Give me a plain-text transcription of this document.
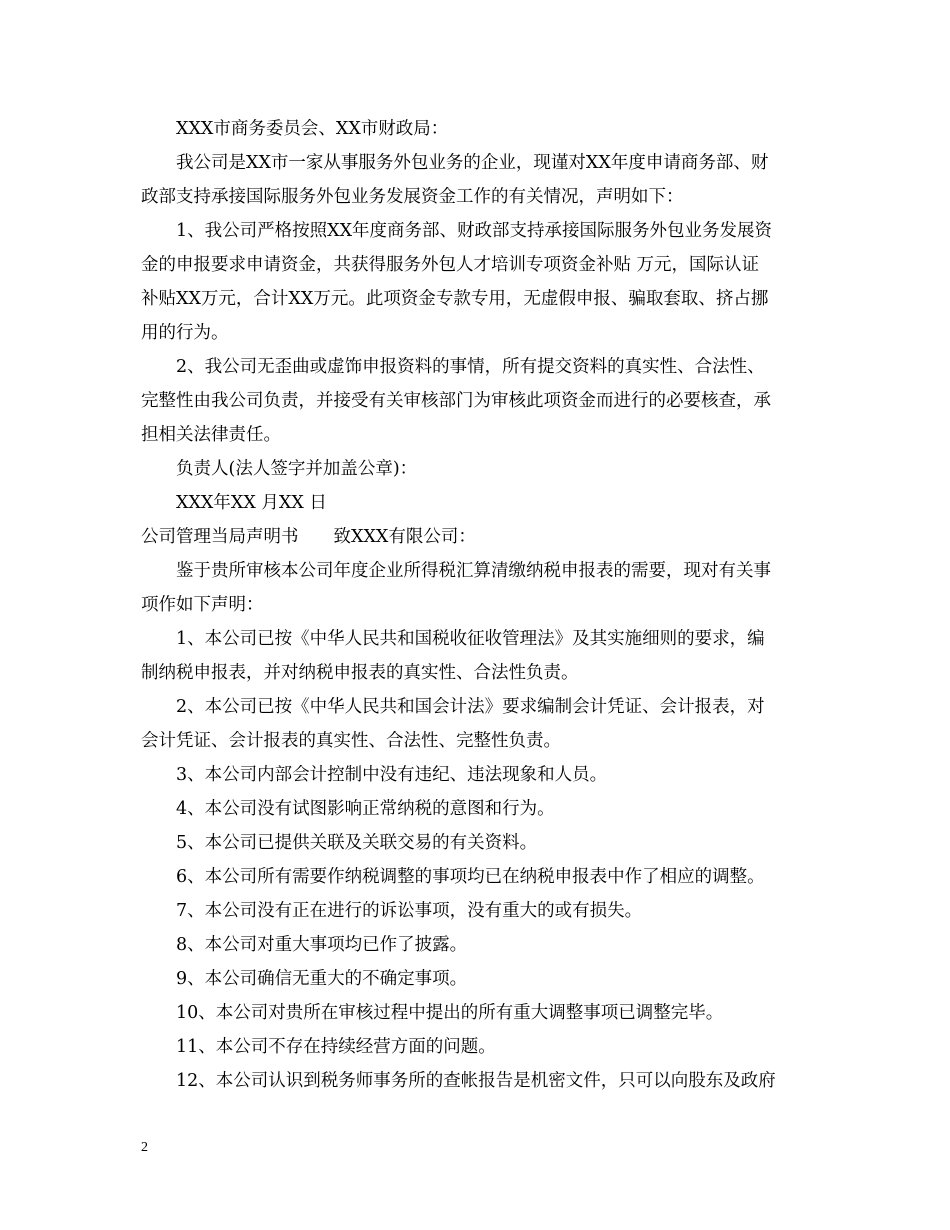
XXX市商务委员会、XX市财政局：

我公司是XX市一家从事服务外包业务的企业，现谨对XX年度申请商务部、财

政部支持承接国际服务外包业务发展资金工作的有关情况，声明如下：

1、我公司严格按照XX年度商务部、财政部支持承接国际服务外包业务发展资

金的申报要求申请资金，共获得服务外包人才培训专项资金补贴 万元，国际认证

补贴XX万元，合计XX万元。此项资金专款专用，无虚假申报、骗取套取、挤占挪

用的行为。

2、我公司无歪曲或虚饰申报资料的事情，所有提交资料的真实性、合法性、

完整性由我公司负责，并接受有关审核部门为审核此项资金而进行的必要核查，承

担相关法律责任。

负责人(法人签字并加盖公章)：

XXX年XX 月XX 日

公司管理当局声明书　　致XXX有限公司：

鉴于贵所审核本公司年度企业所得税汇算清缴纳税申报表的需要，现对有关事

项作如下声明：

1、本公司已按《中华人民共和国税收征收管理法》及其实施细则的要求，编

制纳税申报表，并对纳税申报表的真实性、合法性负责。

2、本公司已按《中华人民共和国会计法》要求编制会计凭证、会计报表，对

会计凭证、会计报表的真实性、合法性、完整性负责。

3、本公司内部会计控制中没有违纪、违法现象和人员。

4、本公司没有试图影响正常纳税的意图和行为。

5、本公司已提供关联及关联交易的有关资料。

6、本公司所有需要作纳税调整的事项均已在纳税申报表中作了相应的调整。

7、本公司没有正在进行的诉讼事项，没有重大的或有损失。

8、本公司对重大事项均已作了披露。

9、本公司确信无重大的不确定事项。

10、本公司对贵所在审核过程中提出的所有重大调整事项已调整完毕。

11、本公司不存在持续经营方面的问题。

12、本公司认识到税务师事务所的查帐报告是机密文件，只可以向股东及政府

2
